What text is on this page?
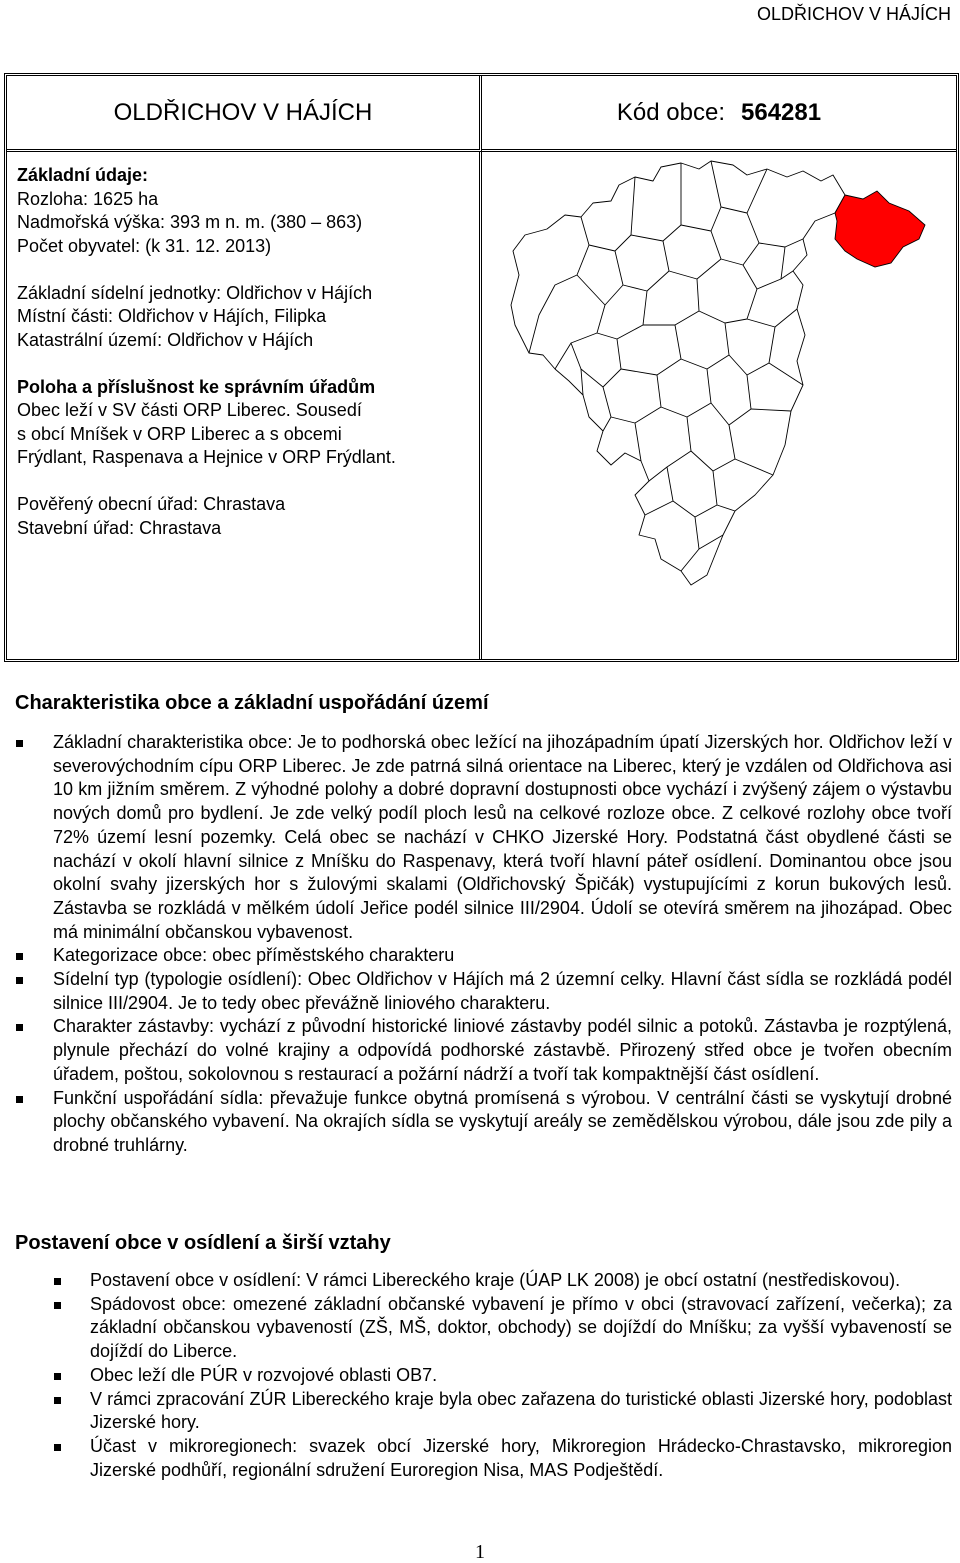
OLDŘICHOV V HÁJÍCH
OLDŘICHOV V HÁJÍCH	Kód obce: 564281
Základní údaje:
Rozloha: 1625 ha
Nadmořská výška: 393 m n. m. (380 – 863)
Počet obyvatel: (k 31. 12. 2013)
Základní sídelní jednotky: Oldřichov v Hájích
Místní části: Oldřichov v Hájích, Filipka
Katastrální území: Oldřichov v Hájích
Poloha a příslušnost ke správním úřadům
Obec leží v SV části ORP Liberec. Sousedí
s obcí Mníšek v ORP Liberec a s obcemi
Frýdlant, Raspenava a Hejnice v ORP Frýdlant.
Pověřený obecní úřad: Chrastava
Stavební úřad: Chrastava
Charakteristika obce a základní uspořádání území
Základní charakteristika obce: Je to podhorská obec ležící na jihozápadním úpatí Jizerských hor. Oldřichov leží v severovýchodním cípu ORP Liberec. Je zde patrná silná orientace na Liberec, který je vzdálen od Oldřichova asi 10 km jižním směrem. Z výhodné polohy a dobré dopravní dostupnosti obce vychází i zvýšený zájem o výstavbu nových domů pro bydlení. Je zde velký podíl ploch lesů na celkové rozloze obce. Z celkové rozlohy obce tvoří 72% území lesní pozemky. Celá obec se nachází v CHKO Jizerské Hory. Podstatná část obydlené části se nachází v okolí hlavní silnice z Mníšku do Raspenavy, která tvoří hlavní páteř osídlení. Dominantou obce jsou okolní svahy jizerských hor s žulovými skalami (Oldřichovský Špičák) vystupujícími z korun bukových lesů. Zástavba se rozkládá v mělkém údolí Jeřice podél silnice III/2904. Údolí se otevírá směrem na jihozápad. Obec má minimální občanskou vybavenost.
Kategorizace obce: obec příměstského charakteru
Sídelní typ (typologie osídlení): Obec Oldřichov v Hájích má 2 územní celky. Hlavní část sídla se rozkládá podél silnice III/2904. Je to tedy obec převážně liniového charakteru.
Charakter zástavby: vychází z původní historické liniové zástavby podél silnic a potoků. Zástavba je rozptýlená, plynule přechází do volné krajiny a odpovídá podhorské zástavbě. Přirozený střed obce je tvořen obecním úřadem, poštou, sokolovnou s restaurací a požární nádrží a tvoří tak kompaktnější část osídlení.
Funkční uspořádání sídla: převažuje funkce obytná promísená s výrobou. V centrální části se vyskytují drobné plochy občanského vybavení. Na okrajích sídla se vyskytují areály se zemědělskou výrobou, dále jsou zde pily a drobné truhlárny.
Postavení obce v osídlení a širší vztahy
Postavení obce v osídlení: V rámci Libereckého kraje (ÚAP LK 2008) je obcí ostatní (nestřediskovou).
Spádovost obce: omezené základní občanské vybavení je přímo v obci (stravovací zařízení, večerka); za základní občanskou vybaveností (ZŠ, MŠ, doktor, obchody) se dojíždí do Mníšku; za vyšší vybaveností se dojíždí do Liberce.
Obec leží dle PÚR v rozvojové oblasti OB7.
V rámci zpracování ZÚR Libereckého kraje byla obec zařazena do turistické oblasti Jizerské hory, podoblast Jizerské hory.
Účast v mikroregionech: svazek obcí Jizerské hory, Mikroregion Hrádecko-Chrastavsko, mikroregion Jizerské podhůří, regionální sdružení Euroregion Nisa, MAS Podještědí.
1
